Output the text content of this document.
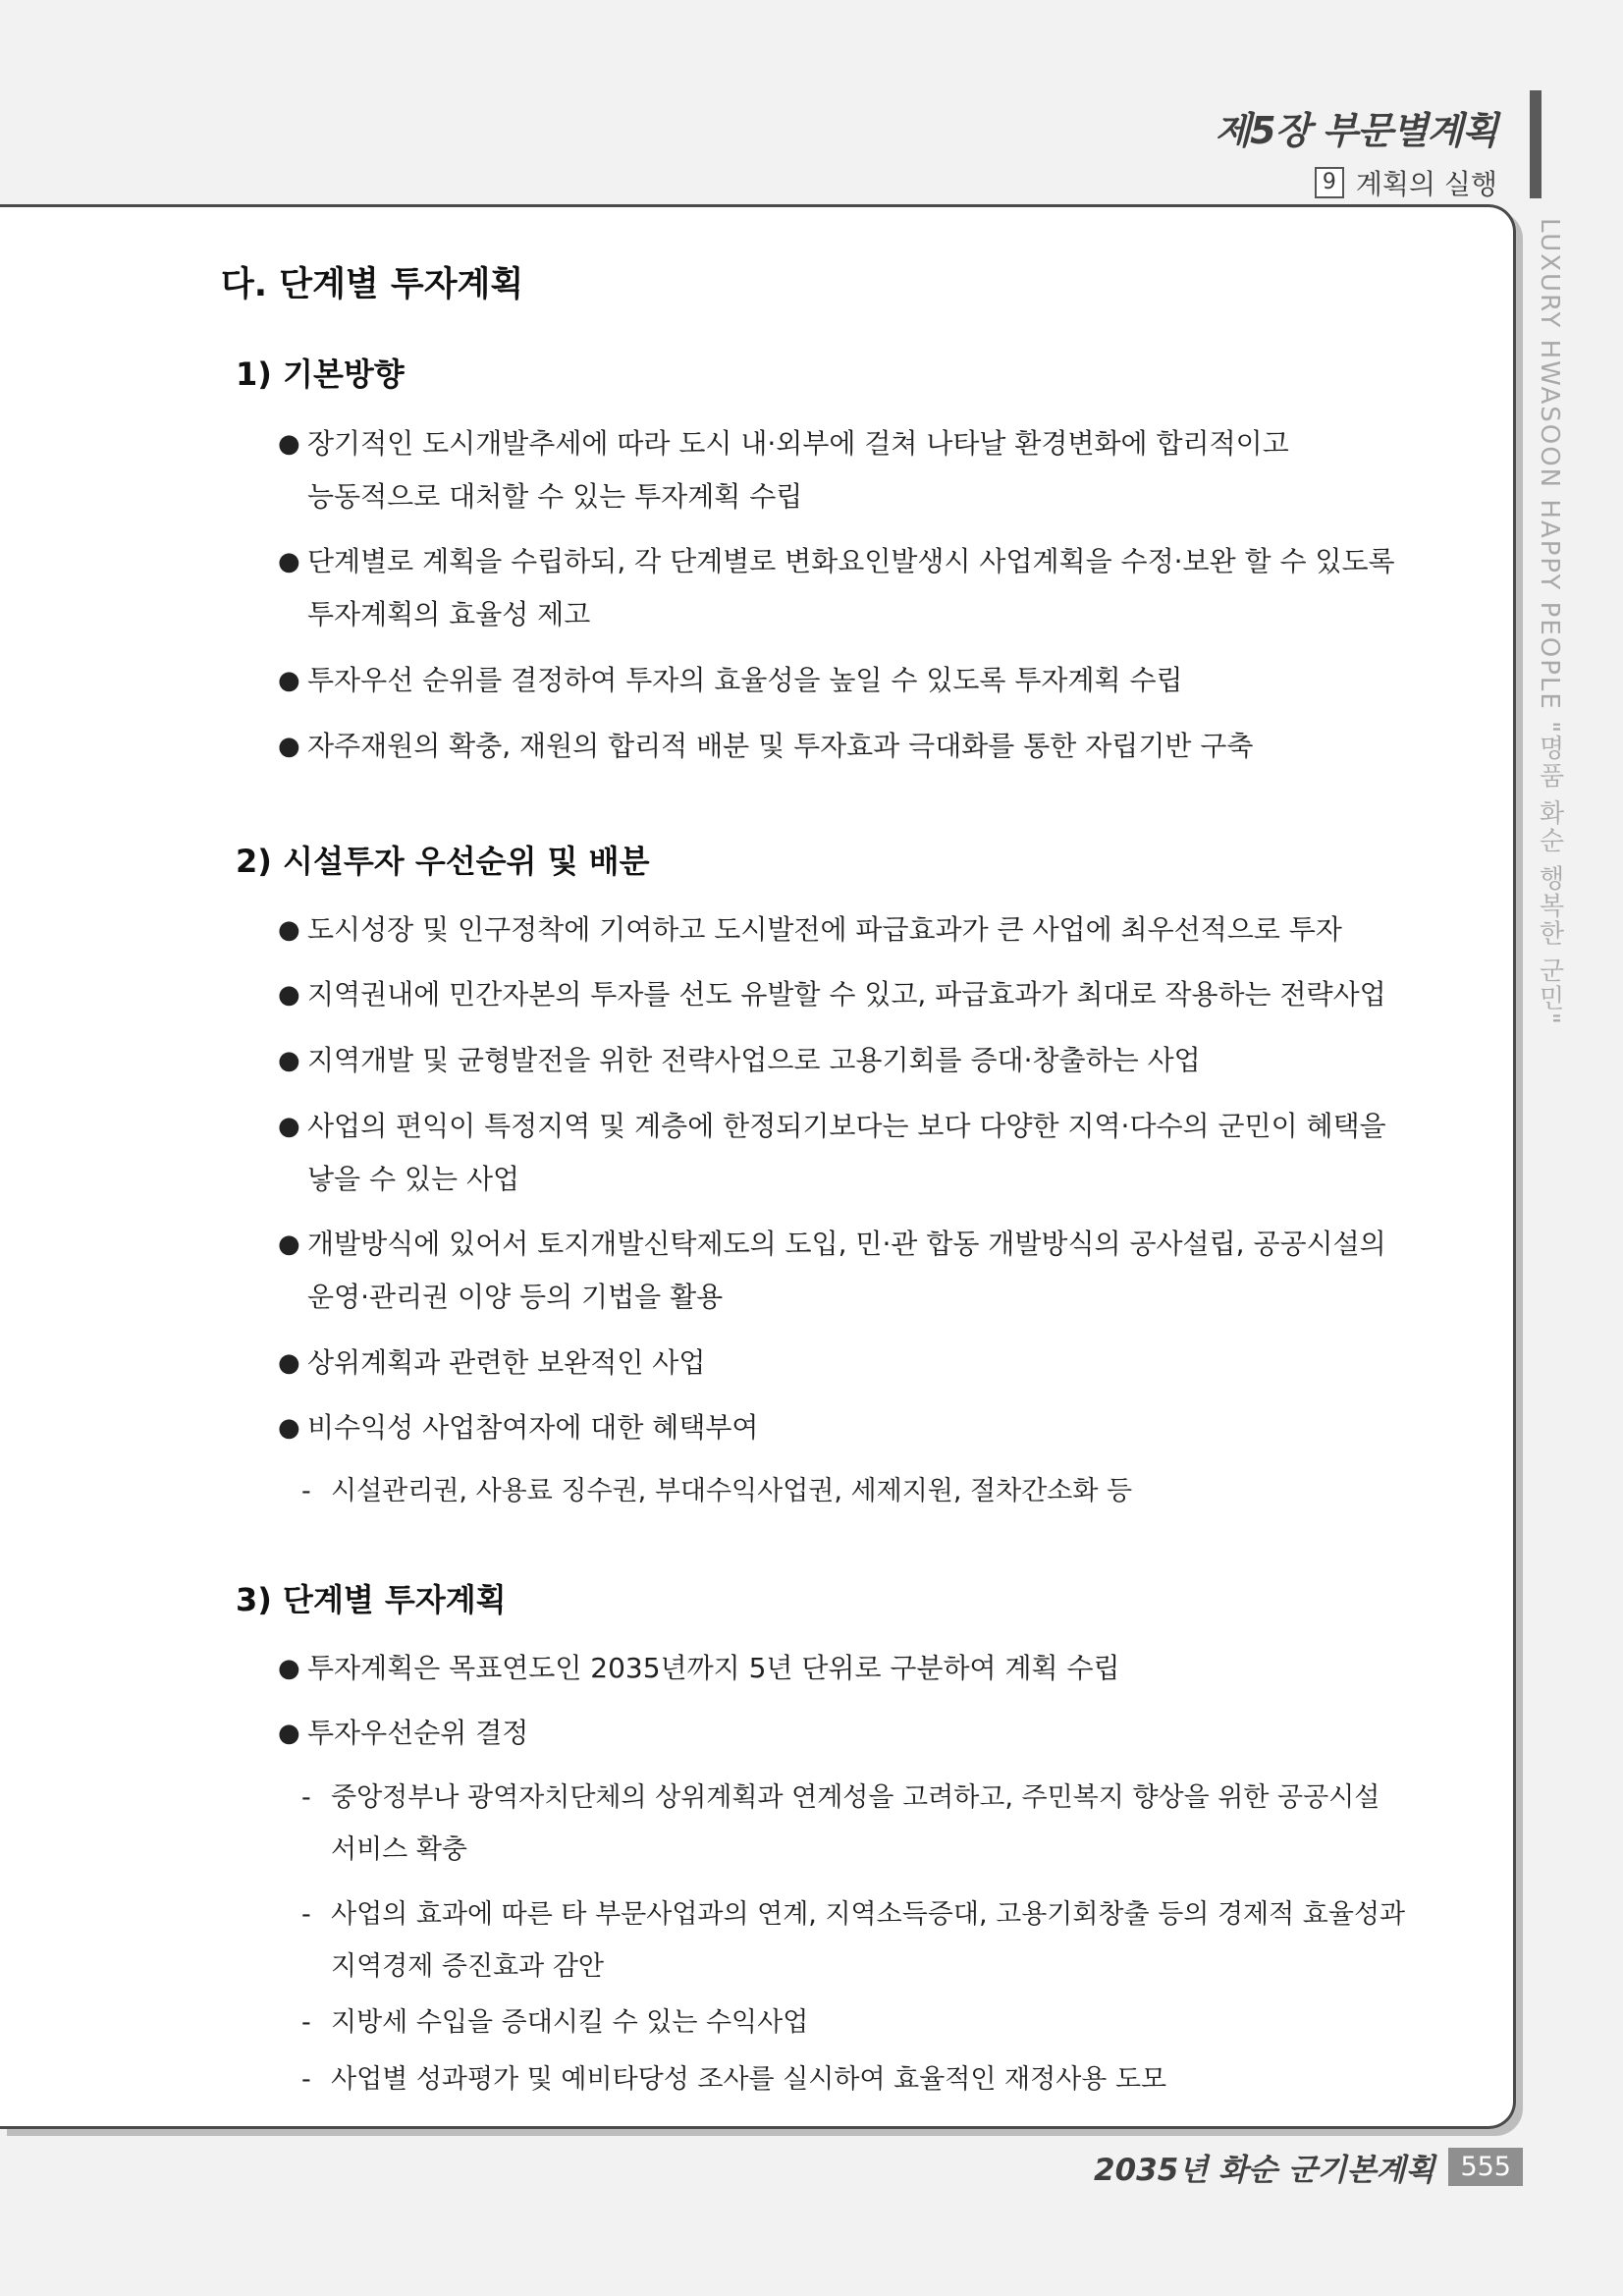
제5장 부문별계획
9 계획의 실행
LUXURY HWASOON HAPPY PEOPLE "명품 화순 행복한 군민"
다. 단계별 투자계획
1) 기본방향
● 장기적인 도시개발추세에 따라 도시 내·외부에 걸쳐 나타날 환경변화에 합리적이고
능동적으로 대처할 수 있는 투자계획 수립
● 단계별로 계획을 수립하되, 각 단계별로 변화요인발생시 사업계획을 수정·보완 할 수 있도록
투자계획의 효율성 제고
● 투자우선 순위를 결정하여 투자의 효율성을 높일 수 있도록 투자계획 수립
● 자주재원의 확충, 재원의 합리적 배분 및 투자효과 극대화를 통한 자립기반 구축
2) 시설투자 우선순위 및 배분
● 도시성장 및 인구정착에 기여하고 도시발전에 파급효과가 큰 사업에 최우선적으로 투자
● 지역권내에 민간자본의 투자를 선도 유발할 수 있고, 파급효과가 최대로 작용하는 전략사업
● 지역개발 및 균형발전을 위한 전략사업으로 고용기회를 증대·창출하는 사업
● 사업의 편익이 특정지역 및 계층에 한정되기보다는 보다 다양한 지역·다수의 군민이 혜택을
낳을 수 있는 사업
● 개발방식에 있어서 토지개발신탁제도의 도입, 민·관 합동 개발방식의 공사설립, 공공시설의
운영·관리권 이양 등의 기법을 활용
● 상위계획과 관련한 보완적인 사업
● 비수익성 사업참여자에 대한 혜택부여
- 시설관리권, 사용료 징수권, 부대수익사업권, 세제지원, 절차간소화 등
3) 단계별 투자계획
● 투자계획은 목표연도인 2035년까지 5년 단위로 구분하여 계획 수립
● 투자우선순위 결정
- 중앙정부나 광역자치단체의 상위계획과 연계성을 고려하고, 주민복지 향상을 위한 공공시설
서비스 확충
- 사업의 효과에 따른 타 부문사업과의 연계, 지역소득증대, 고용기회창출 등의 경제적 효율성과
지역경제 증진효과 감안
- 지방세 수입을 증대시킬 수 있는 수익사업
- 사업별 성과평가 및 예비타당성 조사를 실시하여 효율적인 재정사용 도모
2035년 화순 군기본계획 555
